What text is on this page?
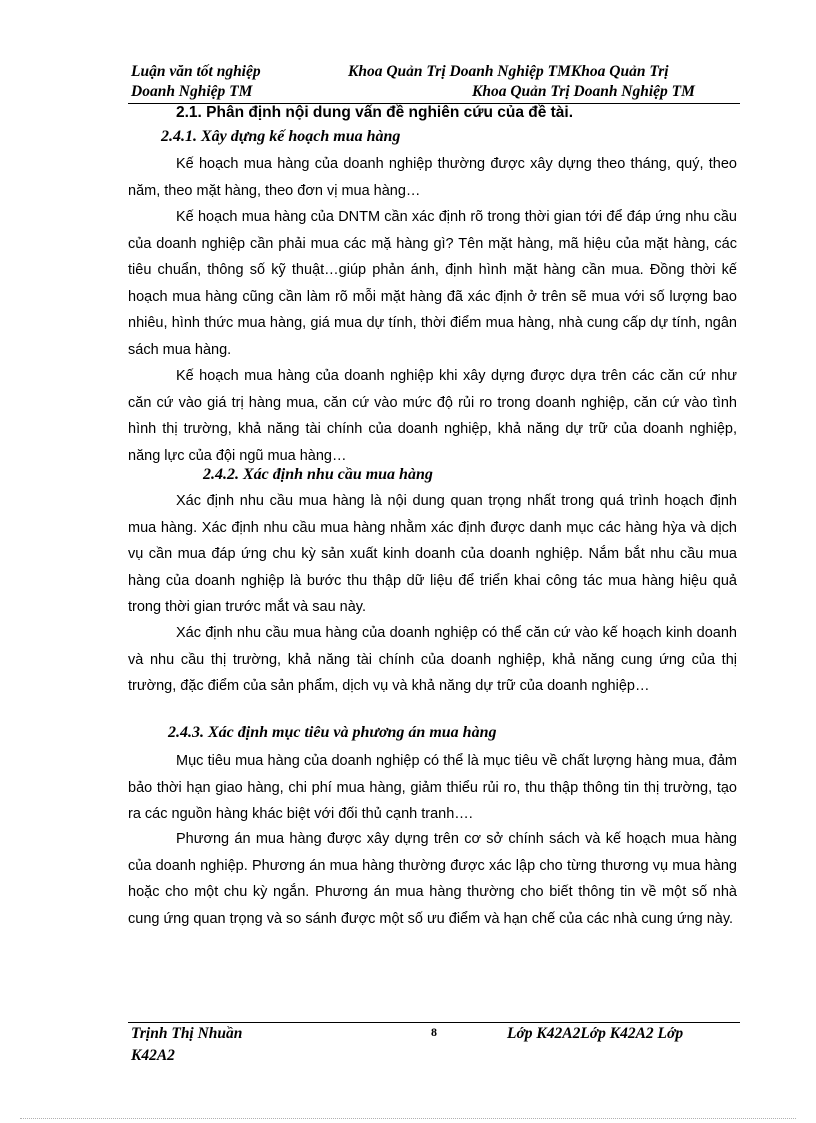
Luận văn tốt nghiệp	Khoa Quản Trị Doanh Nghiệp TMKhoa Quản Trị
Doanh Nghiệp TM	Khoa Quản Trị Doanh Nghiệp TM
2.1. Phân định nội dung vấn đề nghiên cứu của đề tài.
2.4.1. Xây dựng kế hoạch mua hàng

Kế hoạch mua hàng của doanh nghiệp thường được xây dựng theo tháng, quý, theo năm, theo mặt hàng, theo đơn vị mua hàng…

Kế hoạch mua hàng của DNTM cần xác định rõ trong thời gian tới để đáp ứng nhu cầu của doanh nghiệp cần phải mua các mặ hàng gì? Tên mặt hàng, mã hiệu của mặt hàng, các tiêu chuẩn, thông số kỹ thuật…giúp phản ánh, định hình mặt hàng cần mua. Đồng thời kế hoạch mua hàng cũng cần làm rõ mỗi mặt hàng đã xác định ở trên sẽ mua với số lượng bao nhiêu, hình thức mua hàng, giá mua dự tính, thời điểm mua hàng, nhà cung cấp dự tính, ngân sách mua hàng.

Kế hoạch mua hàng của doanh nghiệp khi xây dựng được dựa trên các căn cứ như căn cứ vào giá trị hàng mua, căn cứ vào mức độ rủi ro trong doanh nghiệp, căn cứ vào tình hình thị trường, khả năng tài chính của doanh nghiệp, khả năng dự trữ của doanh nghiệp, năng lực của đội ngũ mua hàng…

2.4.2. Xác định nhu cầu mua hàng

Xác định nhu cầu mua hàng là nội dung quan trọng nhất trong quá trình hoạch định mua hàng. Xác định nhu cầu mua hàng nhằm xác định được danh mục các hàng hỳa và dịch vụ cần mua đáp ứng chu kỳ sản xuất kinh doanh của doanh nghiệp. Nắm bắt nhu cầu mua hàng của doanh nghiệp là bước thu thập dữ liệu để triển khai công tác mua hàng hiệu quả trong thời gian trước mắt và sau này.

Xác định nhu cầu mua hàng của doanh nghiệp có thể căn cứ vào kế hoạch kinh doanh và nhu cầu thị trường, khả năng tài chính của doanh nghiệp, khả năng cung ứng của thị trường, đặc điểm của sản phẩm, dịch vụ và khả năng dự trữ của doanh nghiệp…

2.4.3. Xác định mục tiêu và phương án mua hàng

Mục tiêu mua hàng của doanh nghiệp có thể là mục tiêu về chất lượng hàng mua, đảm bảo thời hạn giao hàng, chi phí mua hàng, giảm thiểu rủi ro, thu thập thông tin thị trường, tạo ra các nguồn hàng khác biệt với đối thủ cạnh tranh….

Phương án mua hàng được xây dựng trên cơ sở chính sách và kế hoạch mua hàng của doanh nghiệp. Phương án mua hàng thường được xác lập cho từng thương vụ mua hàng hoặc cho một chu kỳ ngắn. Phương án mua hàng thường cho biết thông tin về một số nhà cung ứng quan trọng và so sánh được một số ưu điểm và hạn chế của các nhà cung ứng này.

Trịnh Thị Nhuần
K42A2
8	Lớp K42A2Lớp K42A2 Lớp
